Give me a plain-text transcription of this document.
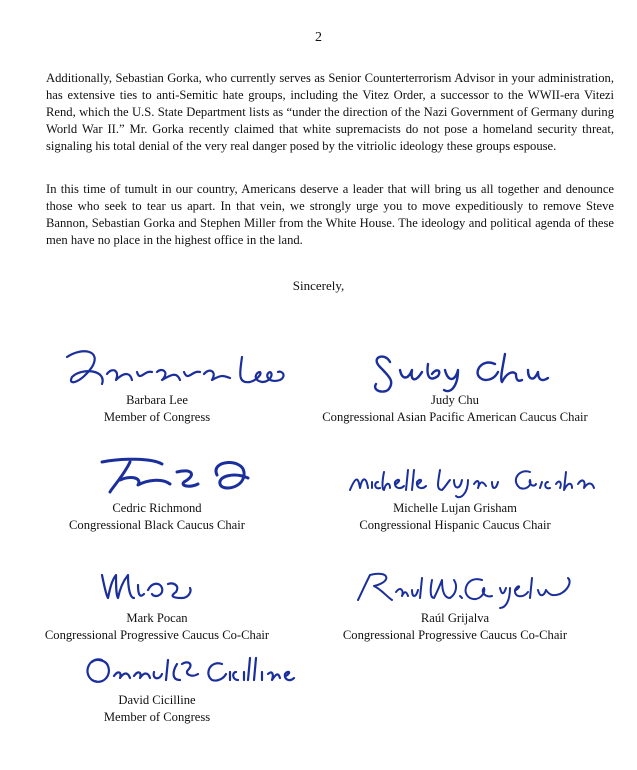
2

Additionally, Sebastian Gorka, who currently serves as Senior Counterterrorism Advisor in your administration, has extensive ties to anti-Semitic hate groups, including the Vitez Order, a successor to the WWII-era Vitezi Rend, which the U.S. State Department lists as “under the direction of the Nazi Government of Germany during World War II.” Mr. Gorka recently claimed that white supremacists do not pose a homeland security threat, signaling his total denial of the very real danger posed by the vitriolic ideology these groups espouse.

In this time of tumult in our country, Americans deserve a leader that will bring us all together and denounce those who seek to tear us apart. In that vein, we strongly urge you to move expeditiously to remove Steve Bannon, Sebastian Gorka and Stephen Miller from the White House. The ideology and political agenda of these men have no place in the highest office in the land.

Sincerely,
Barbara Lee
Member of Congress
Judy Chu
Congressional Asian Pacific American Caucus Chair
Cedric Richmond
Congressional Black Caucus Chair
Michelle Lujan Grisham
Congressional Hispanic Caucus Chair
Mark Pocan
Congressional Progressive Caucus Co-Chair
Raúl Grijalva
Congressional Progressive Caucus Co-Chair
David Cicilline
Member of Congress
